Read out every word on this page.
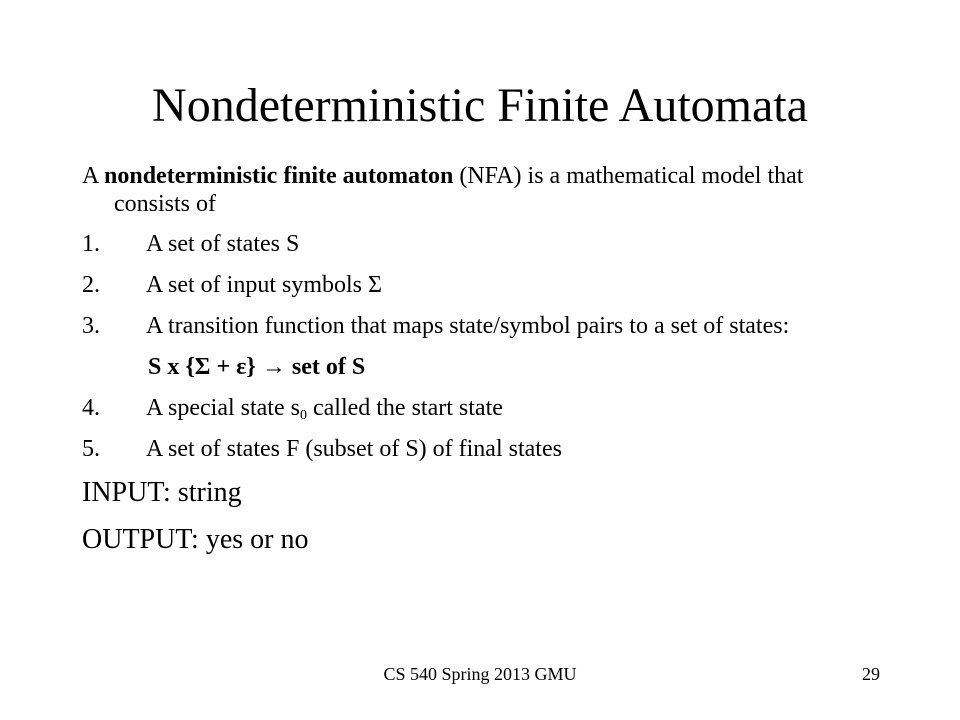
Nondeterministic Finite Automata

A nondeterministic finite automaton (NFA) is a mathematical model that consists of

1. A set of states S
2. A set of input symbols Σ
3. A transition function that maps state/symbol pairs to a set of states:
S x {Σ + ε} → set of S
4. A special state $s_0$ called the start state
5. A set of states F (subset of S) of final states
INPUT: string
OUTPUT: yes or no
CS 540 Spring 2013 GMU	29
